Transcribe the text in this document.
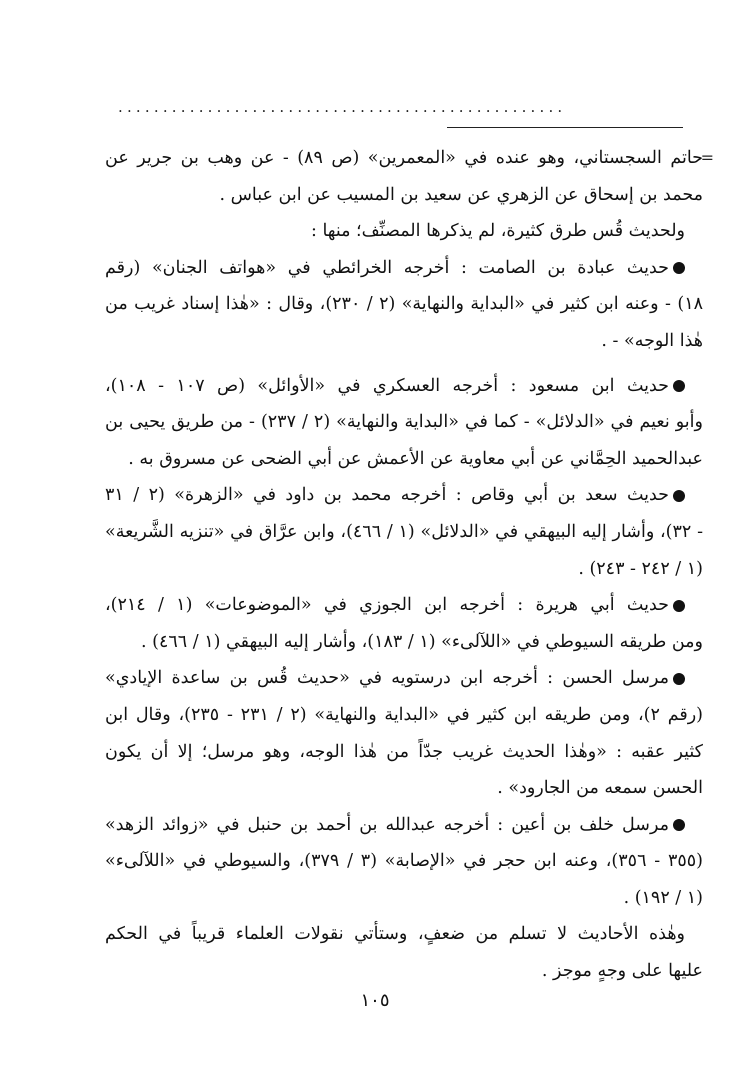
..................................................
=
حاتم السجستاني، وهو عنده في «المعمرين» (ص ٨٩) - عن وهب بن جرير عن
محمد بن إسحاق عن الزهري عن سعيد بن المسيب عن ابن عباس .
ولحديث قُس طرق كثيرة، لم يذكرها المصنِّف؛ منها :
حديث عبادة بن الصامت : أخرجه الخرائطي في «هواتف الجنان» (رقم
١٨) - وعنه ابن كثير في «البداية والنهاية» (٢ / ٢٣٠)، وقال : «هٰذا إسناد غريب من
هٰذا الوجه» - .
حديث ابن مسعود : أخرجه العسكري في «الأوائل» (ص ١٠٧ - ١٠٨)،
وأبو نعيم في «الدلائل» - كما في «البداية والنهاية» (٢ / ٢٣٧) - من طريق يحيى بن
عبدالحميد الحِمَّاني عن أبي معاوية عن الأعمش عن أبي الضحى عن مسروق به .
حديث سعد بن أبي وقاص : أخرجه محمد بن داود في «الزهرة» (٢ / ٣١
- ٣٢)، وأشار إليه البيهقي في «الدلائل» (١ / ٤٦٦)، وابن عرَّاق في «تنزيه الشَّريعة»
(١ / ٢٤٢ - ٢٤٣) .
حديث أبي هريرة : أخرجه ابن الجوزي في «الموضوعات» (١ / ٢١٤)،
ومن طريقه السيوطي في «اللآلىء» (١ / ١٨٣)، وأشار إليه البيهقي (١ / ٤٦٦) .
مرسل الحسن : أخرجه ابن درستويه في «حديث قُس بن ساعدة الإيادي»
(رقم ٢)، ومن طريقه ابن كثير في «البداية والنهاية» (٢ / ٢٣١ - ٢٣٥)، وقال ابن
كثير عقبه : «وهٰذا الحديث غريب جدّاً من هٰذا الوجه، وهو مرسل؛ إلا أن يكون
الحسن سمعه من الجارود» .
مرسل خلف بن أعين : أخرجه عبدالله بن أحمد بن حنبل في «زوائد الزهد»
(٣٥٥ - ٣٥٦)، وعنه ابن حجر في «الإصابة» (٣ / ٣٧٩)، والسيوطي في «اللآلىء»
(١ / ١٩٢) .
وهٰذه الأحاديث لا تسلم من ضعفٍ، وستأتي نقولات العلماء قريباً في الحكم
عليها على وجهٍ موجز .
١٠٥
